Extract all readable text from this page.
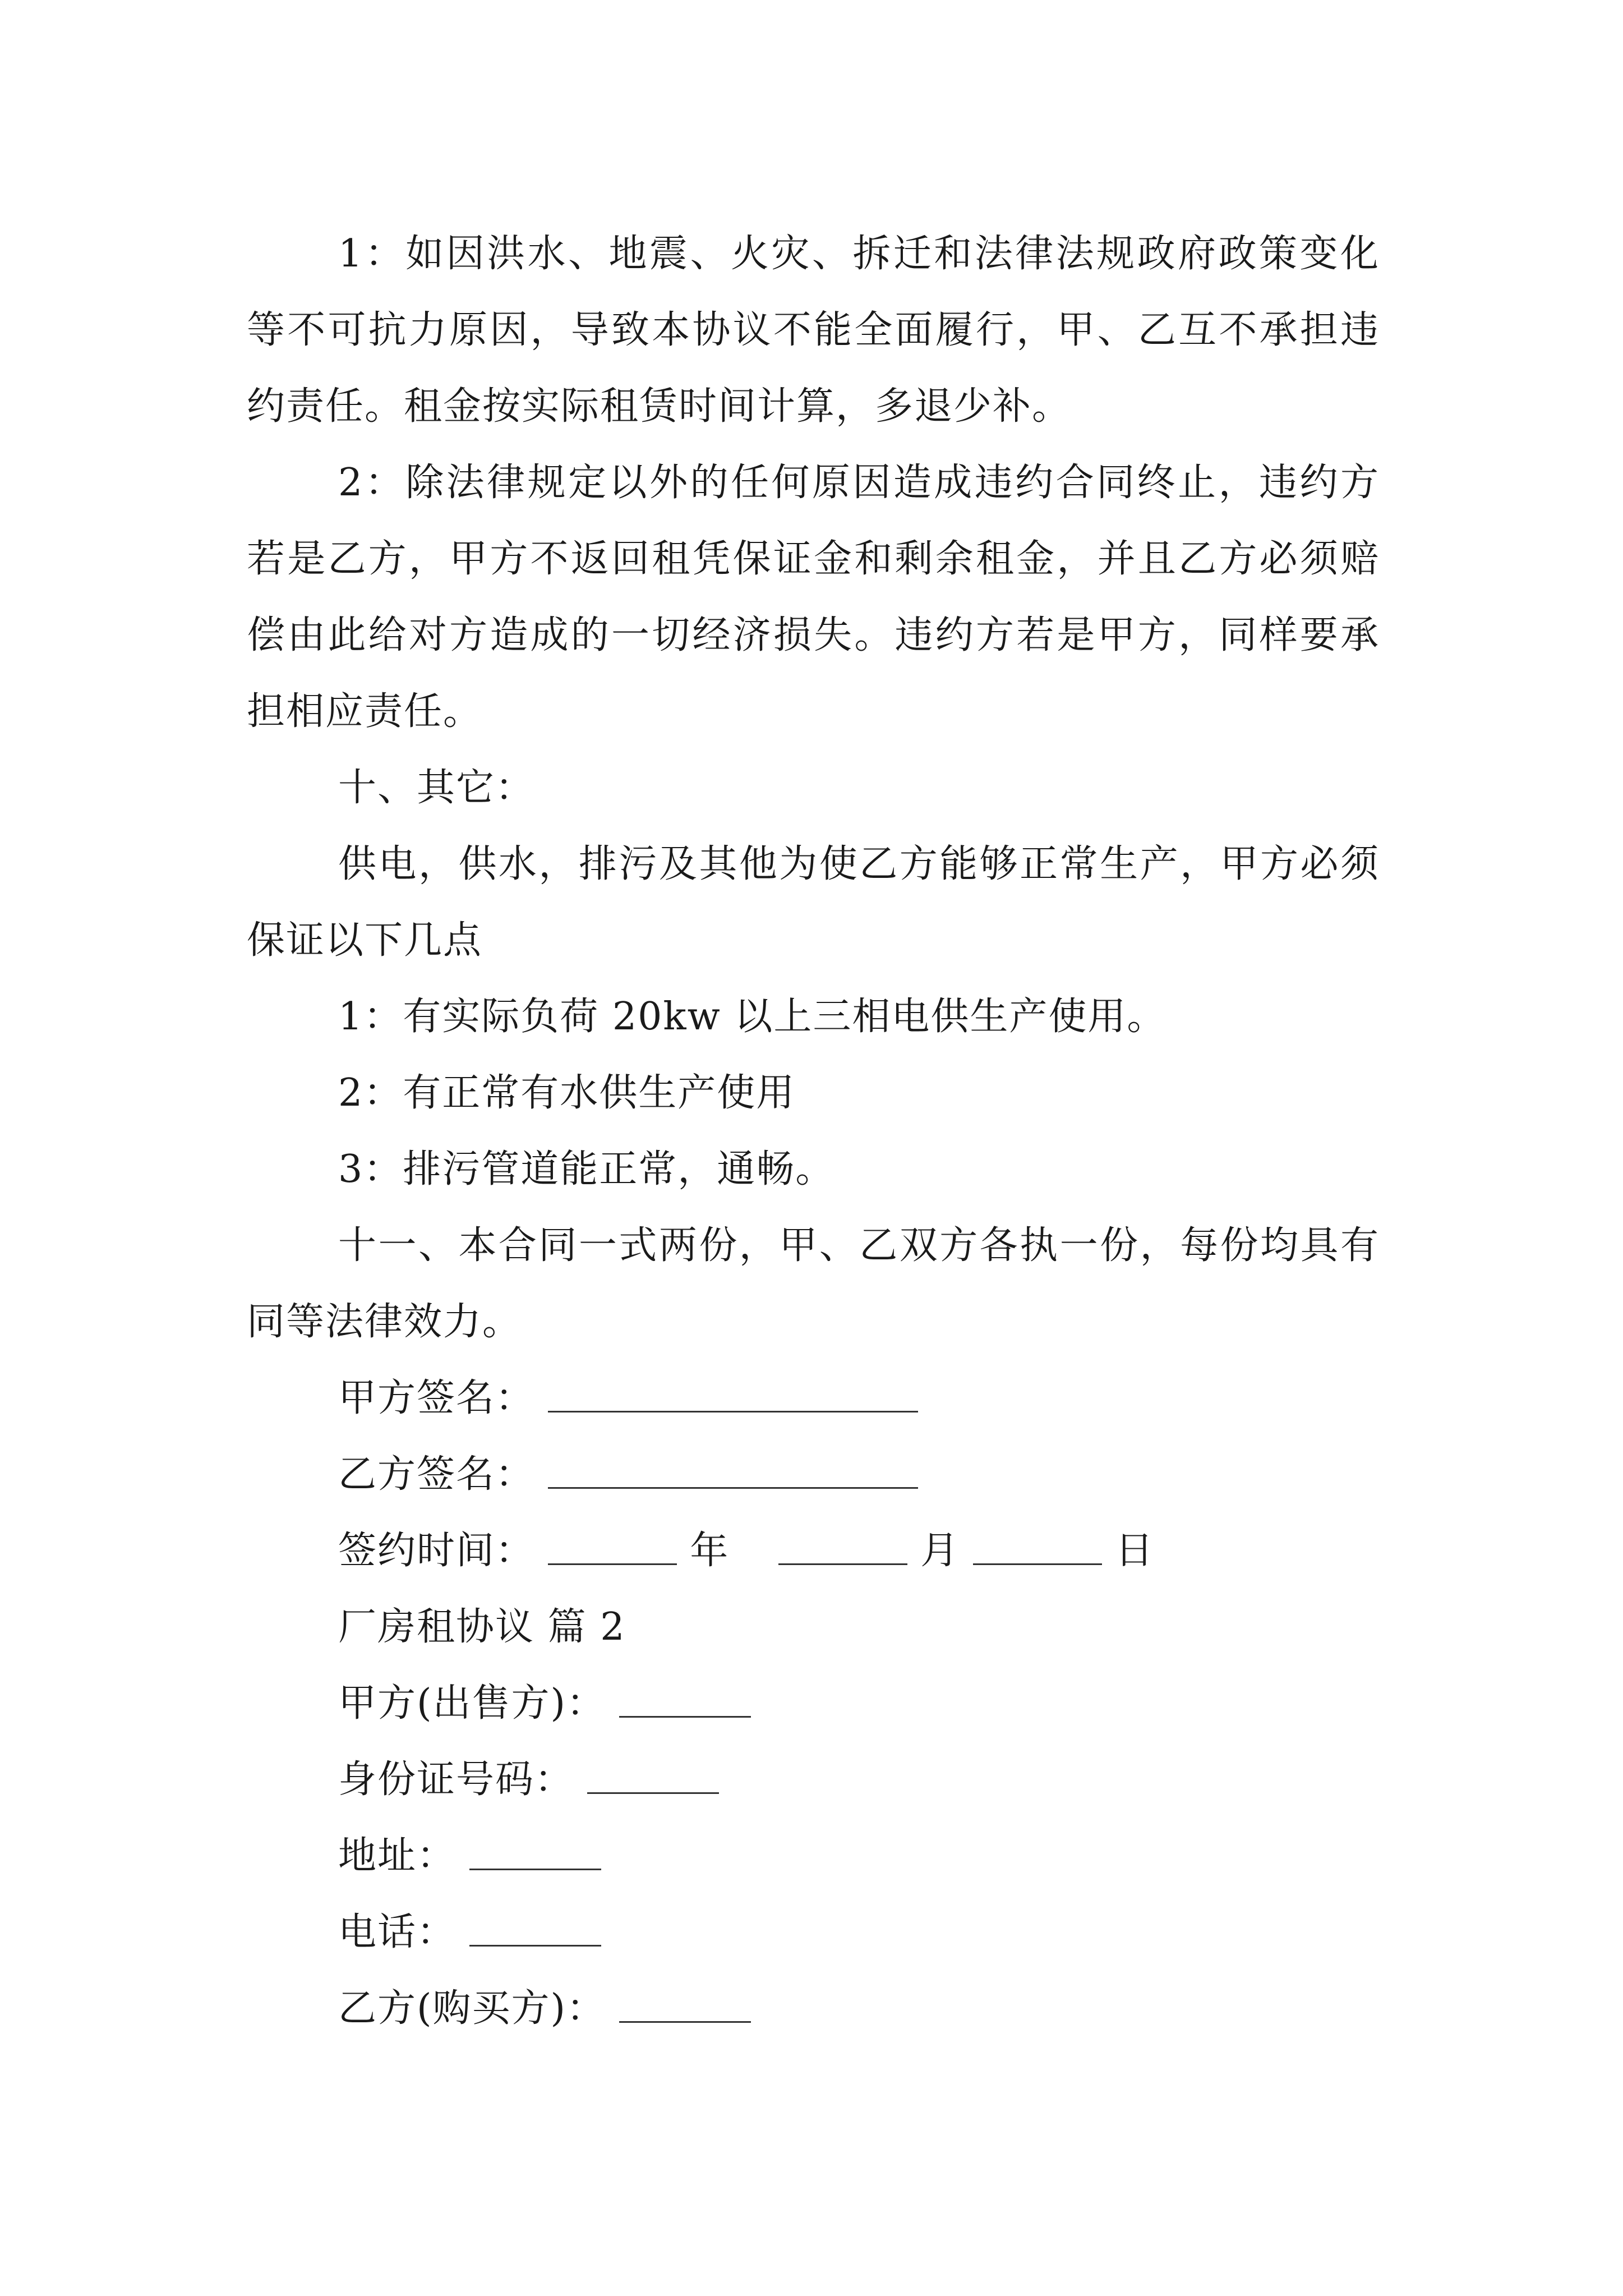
1：如因洪水、地震、火灾、拆迁和法律法规政府政策变化等不可抗力原因，导致本协议不能全面履行，甲、乙互不承担违约责任。租金按实际租赁时间计算，多退少补。

2：除法律规定以外的任何原因造成违约合同终止，违约方若是乙方，甲方不返回租凭保证金和剩余租金，并且乙方必须赔偿由此给对方造成的一切经济损失。违约方若是甲方，同样要承担相应责任。

十、其它：

供电，供水，排污及其他为使乙方能够正常生产，甲方必须保证以下几点

1：有实际负荷 20kw 以上三相电供生产使用。

2：有正常有水供生产使用

3：排污管道能正常，通畅。

十一、本合同一式两份，甲、乙双方各执一份，每份均具有同等法律效力。

甲方签名：

乙方签名：

签约时间：	年	月	日

厂房租协议 篇 2

甲方(出售方)：

身份证号码：

地址：

电话：

乙方(购买方)：
